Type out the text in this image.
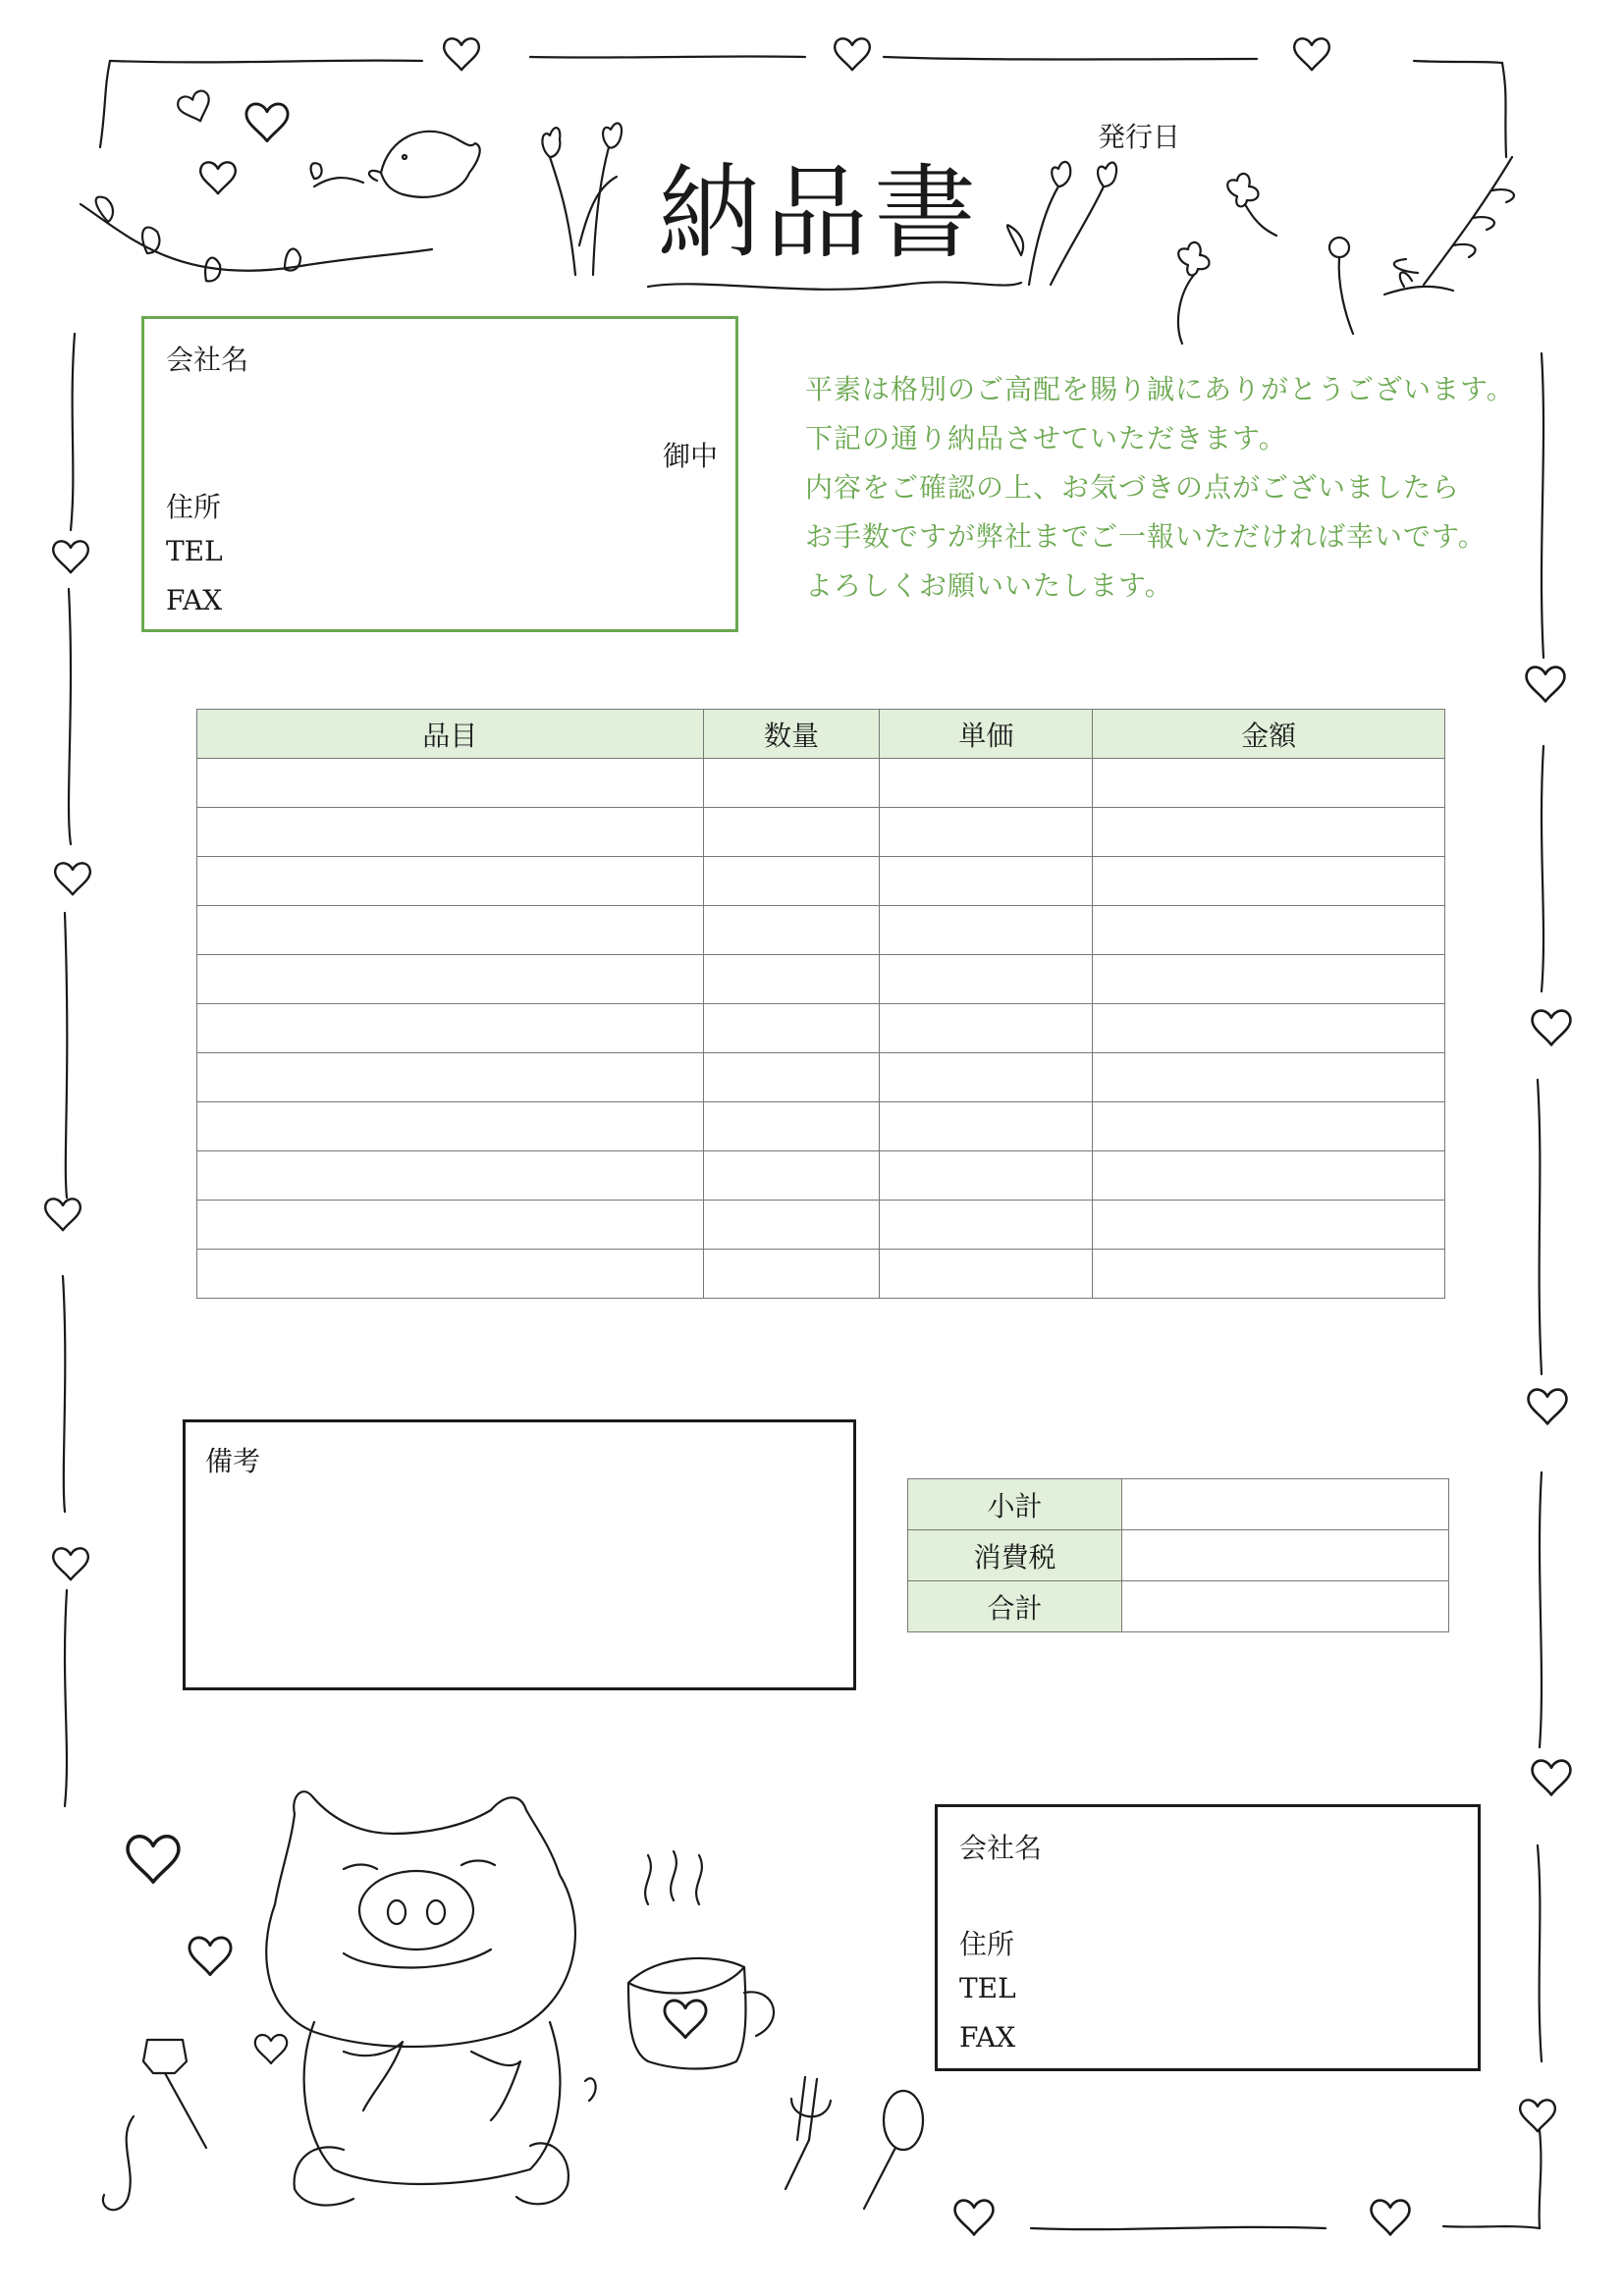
納品書
発行日
会社名
御中
住所
TEL
FAX
平素は格別のご高配を賜り誠にありがとうございます。
下記の通り納品させていただきます。
内容をご確認の上、お気づきの点がございましたら
お手数ですが弊社までご一報いただければ幸いです。
よろしくお願いいたします。
品目	数量	単価	金額

備考
小計	
消費税	
合計	
会社名
住所
TEL
FAX
